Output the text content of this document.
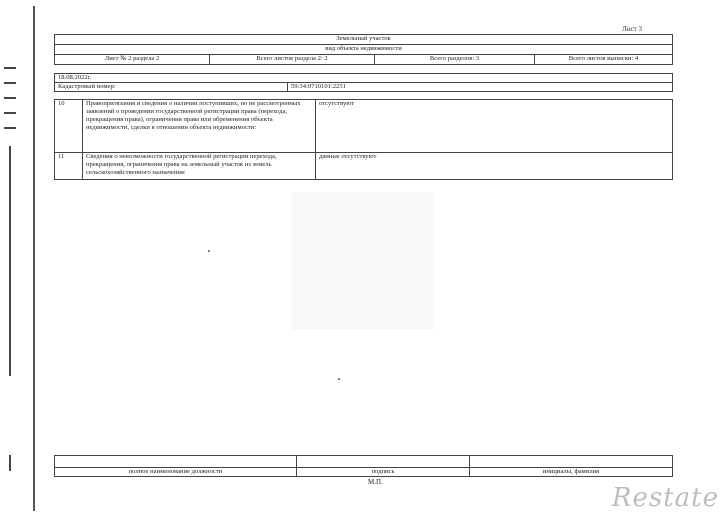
Лист 3
Земельный участок
вид объекта недвижимости
Лист № 2 раздела 2	Всего листов раздела 2: 2	Всего разделов: 3	Всего листов выписки: 4
18.08.2022г.
Кадастровый номер:	59:34:0710101:2251
10	Правопритязания и сведения о наличии поступивших, но не рассмотренных заявлений о проведении государственной регистрации права (перехода, прекращения права), ограничения права или обременения объекта недвижимости, сделки в отношении объекта недвижимости:	отсутствуют
11	Сведения о невозможности государственной регистрации перехода, прекращения, ограничения права на земельный участок из земель сельскохозяйственного назначения:	данные отсутствуют

полное наименование должности	подпись	инициалы, фамилия
М.П.
Restate
